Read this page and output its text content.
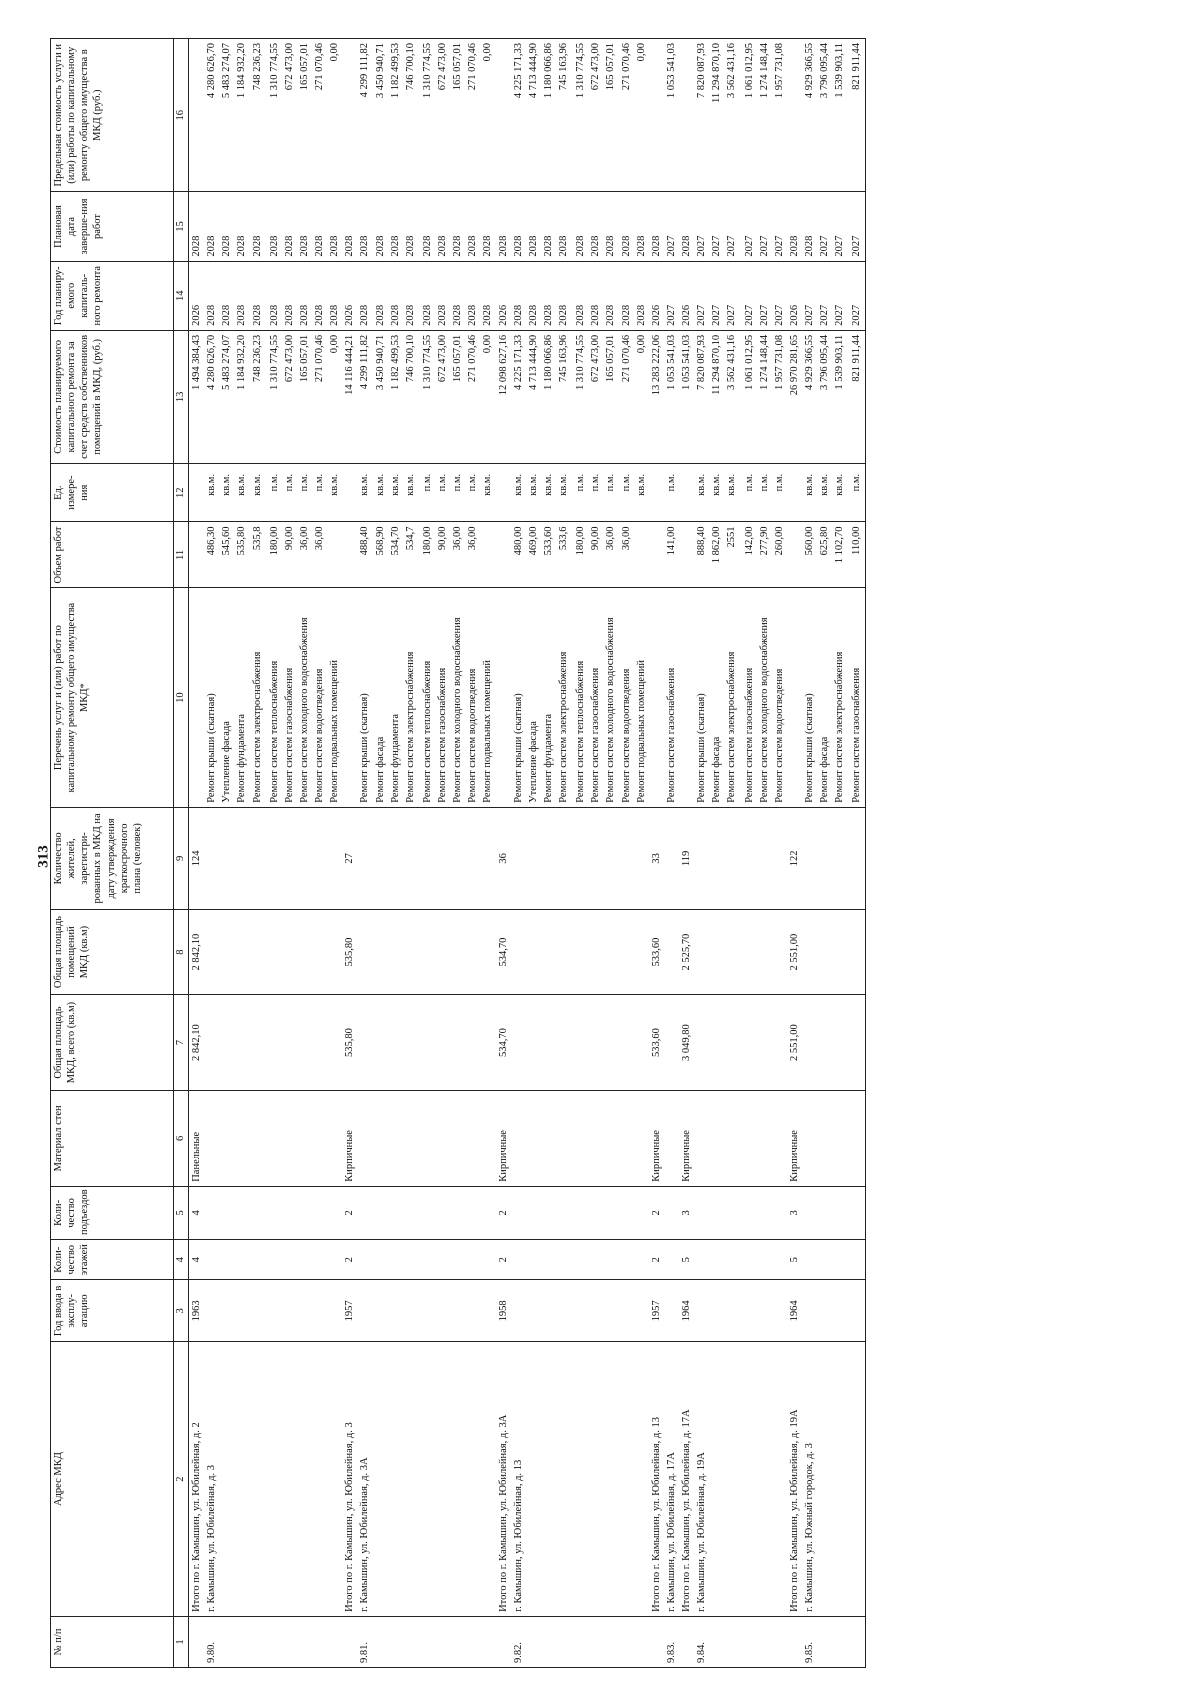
313
№ п/п	Адрес МКД	Год ввода в эксплу-атацию	Коли-чество этажей	Коли-чество подъездов	Материал стен	Общая площадь МКД, всего (кв.м)	Общая площадь помещений МКД (кв.м)	Количество жителей, зарегистри-рованных в МКД на дату утверждения краткосрочного плана (человек)	Перечень услуг и (или) работ по капитальному ремонту общего имущества МКД*	Объем работ	Ед. измере-ния	Стоимость планируемого капитального ремонта за счет средств собственников помещений в МКД, (руб.)	Год планиру-емого капиталь-ного ремонта	Плановая дата заверше-ния работ	Предельная стоимость услуги и (или) работы по капитальному ремонту общего имущества в МКД (руб.)
1	2	3	4	5	6	7	8	9	10	11	12	13	14	15	16
	Итого по г. Камышин, ул. Юбилейная, д. 2	1963	4	4	Панельные	2 842,10	2 842,10	124				1 494 384,43	2026	2028	
9.80.	г. Камышин, ул. Юбилейная, д. 3								Ремонт крыши (скатная)	486,30	кв.м.	4 280 626,70	2028	2028	4 280 626,70
									Утепление фасада	545,60	кв.м.	5 483 274,07	2028	2028	5 483 274,07
									Ремонт фундамента	535,80	кв.м.	1 184 932,20	2028	2028	1 184 932,20
									Ремонт систем электроснабжения	535,8	кв.м.	748 236,23	2028	2028	748 236,23

									Ремонт систем теплоснабжения	180,00	п.м.	1 310 774,55	2028	2028	1 310 774,55
									Ремонт систем газоснабжения	90,00	п.м.	672 473,00	2028	2028	672 473,00
									Ремонт систем холодного водоснабжения	36,00	п.м.	165 057,01	2028	2028	165 057,01
									Ремонт систем водоотведения	36,00	п.м.	271 070,46	2028	2028	271 070,46
									Ремонт подвальных помещений		кв.м.	0,00	2028	2028	0,00
	Итого по г. Камышин, ул. Юбилейная, д. 3	1957	2	2	Кирпичные	535,80	535,80	27				14 116 444,21	2026	2028	
9.81.	г. Камышин, ул. Юбилейная, д. 3А								Ремонт крыши (скатная)	488,40	кв.м.	4 299 111,82	2028	2028	4 299 111,82
									Ремонт фасада	568,90	кв.м.	3 450 940,71	2028	2028	3 450 940,71
									Ремонт фундамента	534,70	кв.м.	1 182 499,53	2028	2028	1 182 499,53
									Ремонт систем электроснабжения	534,7	кв.м.	746 700,10	2028	2028	746 700,10

									Ремонт систем теплоснабжения	180,00	п.м.	1 310 774,55	2028	2028	1 310 774,55
									Ремонт систем газоснабжения	90,00	п.м.	672 473,00	2028	2028	672 473,00
									Ремонт систем холодного водоснабжения	36,00	п.м.	165 057,01	2028	2028	165 057,01
									Ремонт систем водоотведения	36,00	п.м.	271 070,46	2028	2028	271 070,46
									Ремонт подвальных помещений		кв.м.	0,00	2028	2028	0,00
	Итого по г. Камышин, ул. Юбилейная, д. 3А	1958	2	2	Кирпичные	534,70	534,70	36				12 098 627,16	2026	2028	
9.82.	г. Камышин, ул. Юбилейная, д. 13								Ремонт крыши (скатная)	480,00	кв.м.	4 225 171,33	2028	2028	4 225 171,33
									Утепление фасада	469,00	кв.м.	4 713 444,90	2028	2028	4 713 444,90
									Ремонт фундамента	533,60	кв.м.	1 180 066,86	2028	2028	1 180 066,86
									Ремонт систем электроснабжения	533,6	кв.м.	745 163,96	2028	2028	745 163,96

									Ремонт систем теплоснабжения	180,00	п.м.	1 310 774,55	2028	2028	1 310 774,55
									Ремонт систем газоснабжения	90,00	п.м.	672 473,00	2028	2028	672 473,00
									Ремонт систем холодного водоснабжения	36,00	п.м.	165 057,01	2028	2028	165 057,01
									Ремонт систем водоотведения	36,00	п.м.	271 070,46	2028	2028	271 070,46
									Ремонт подвальных помещений		кв.м.	0,00	2028	2028	0,00
	Итого по г. Камышин, ул. Юбилейная, д. 13	1957	2	2	Кирпичные	533,60	533,60	33				13 283 222,06	2026	2028	
9.83.	г. Камышин, ул. Юбилейная, д. 17А								Ремонт систем газоснабжения	141,00	п.м.	1 053 541,03	2027	2027	1 053 541,03
	Итого по г. Камышин, ул. Юбилейная, д. 17А	1964	5	3	Кирпичные	3 049,80	2 525,70	119				1 053 541,03	2026	2028	
9.84.	г. Камышин, ул. Юбилейная, д. 19А								Ремонт крыши (скатная)	888,40	кв.м.	7 820 087,93	2027	2027	7 820 087,93
									Ремонт фасада	1 862,00	кв.м.	11 294 870,10	2027	2027	11 294 870,10
									Ремонт систем электроснабжения	2551	кв.м.	3 562 431,16	2027	2027	3 562 431,16

									Ремонт систем газоснабжения	142,00	п.м.	1 061 012,95	2027	2027	1 061 012,95
									Ремонт систем холодного водоснабжения	277,90	п.м.	1 274 148,44	2027	2027	1 274 148,44
									Ремонт систем водоотведения	260,00	п.м.	1 957 731,08	2027	2027	1 957 731,08
	Итого по г. Камышин, ул. Юбилейная, д. 19А	1964	5	3	Кирпичные	2 551,00	2 551,00	122				26 970 281,65	2026	2028	
9.85.	г. Камышин, ул. Южный городок, д. 3								Ремонт крыши (скатная)	560,00	кв.м.	4 929 366,55	2027	2028	4 929 366,55
									Ремонт фасада	625,80	кв.м.	3 796 095,44	2027	2027	3 796 095,44
									Ремонт систем электроснабжения	1 102,70	кв.м.	1 539 903,11	2027	2027	1 539 903,11

									Ремонт систем газоснабжения	110,00	п.м.	821 911,44	2027	2027	821 911,44
